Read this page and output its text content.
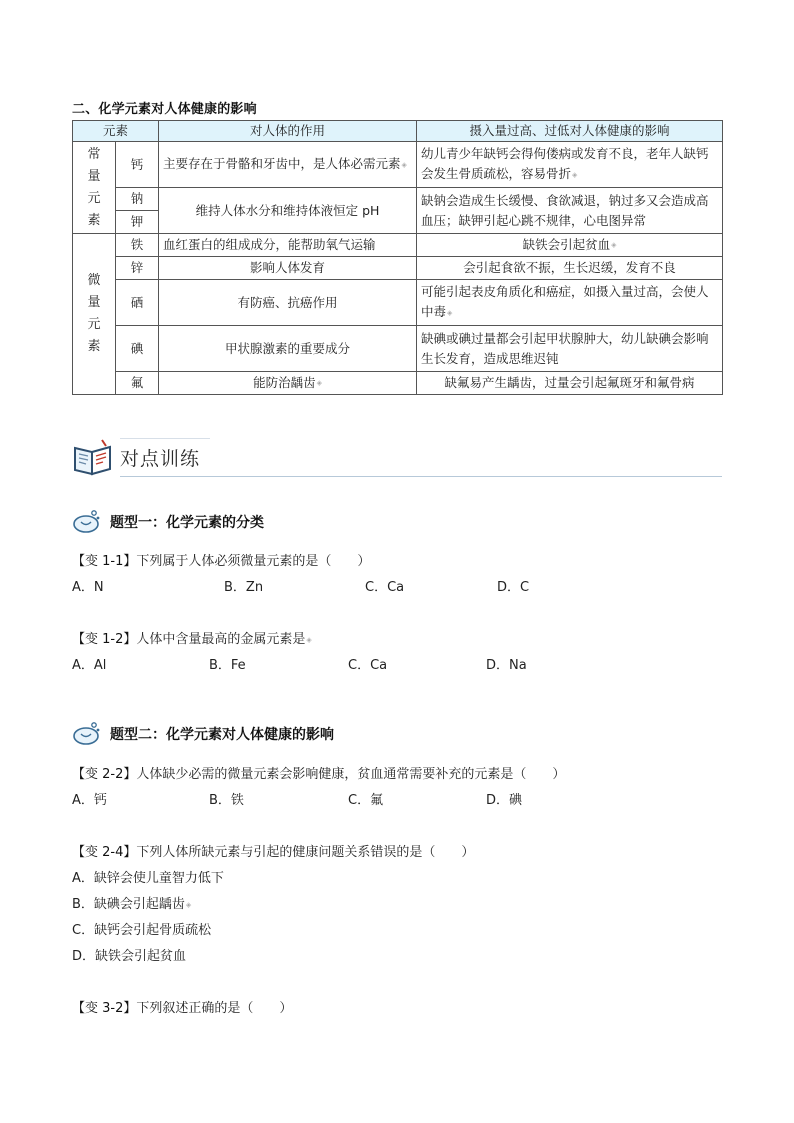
二、化学元素对人体健康的影响
元素		对人体的作用	摄入量过高、过低对人体健康的影响

常量元素	钙	主要存在于骨骼和牙齿中，是人体必需元素◈	幼儿青少年缺钙会得佝偻病或发育不良，老年人缺钙会发生骨质疏松，容易骨折◈
	钠	维持人体水分和维持体液恒定 pH	缺钠会造成生长缓慢、食欲减退，钠过多又会造成高血压；缺钾引起心跳不规律，心电图异常
	钾		

微量元素	铁	血红蛋白的组成成分，能帮助氧气运输	缺铁会引起贫血◈
	锌	影响人体发育	会引起食欲不振，生长迟缓，发育不良
	硒	有防癌、抗癌作用	可能引起表皮角质化和癌症，如摄入量过高，会使人中毒◈
	碘	甲状腺激素的重要成分	缺碘或碘过量都会引起甲状腺肿大，幼儿缺碘会影响生长发育，造成思维迟钝
	氟	能防治龋齿◈	缺氟易产生龋齿，过量会引起氟斑牙和氟骨病
对点训练
题型一：化学元素的分类
【变 1-1】下列属于人体必须微量元素的是（　　）
A．N	B．Zn	C．Ca	D．C
【变 1-2】人体中含量最高的金属元素是◈
A．Al	B．Fe	C．Ca	D．Na
题型二：化学元素对人体健康的影响
【变 2-2】人体缺少必需的微量元素会影响健康，贫血通常需要补充的元素是（　　）
A．钙	B．铁	C．氟	D．碘
【变 2-4】下列人体所缺元素与引起的健康问题关系错误的是（　　）
A．缺锌会使儿童智力低下
B．缺碘会引起龋齿◈
C．缺钙会引起骨质疏松
D．缺铁会引起贫血
【变 3-2】下列叙述正确的是（　　）
